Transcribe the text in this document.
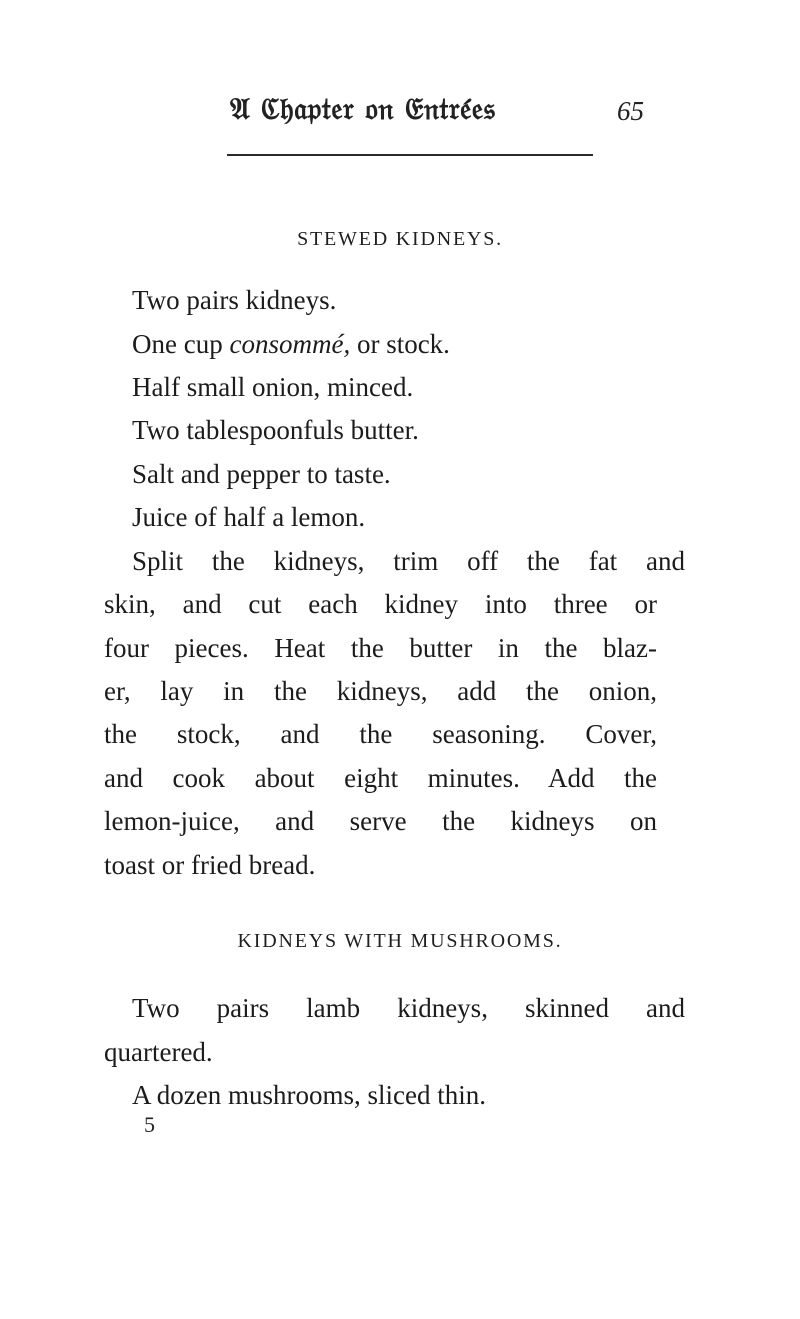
𝔄 ℭ𝔥𝔞𝔭𝔱𝔢𝔯 𝔬𝔫 𝔈𝔫𝔱𝔯𝔢́𝔢𝔰	65
STEWED KIDNEYS.
Two pairs kidneys.
One cup consommé, or stock.
Half small onion, minced.
Two tablespoonfuls butter.
Salt and pepper to taste.
Juice of half a lemon.
Split the kidneys, trim off the fat and
skin, and cut each kidney into three or
four pieces. Heat the butter in the blaz-
er, lay in the kidneys, add the onion,
the stock, and the seasoning. Cover,
and cook about eight minutes. Add the
lemon-juice, and serve the kidneys on
toast or fried bread.
KIDNEYS WITH MUSHROOMS.
Two pairs lamb kidneys, skinned and
quartered.
A dozen mushrooms, sliced thin.
5
